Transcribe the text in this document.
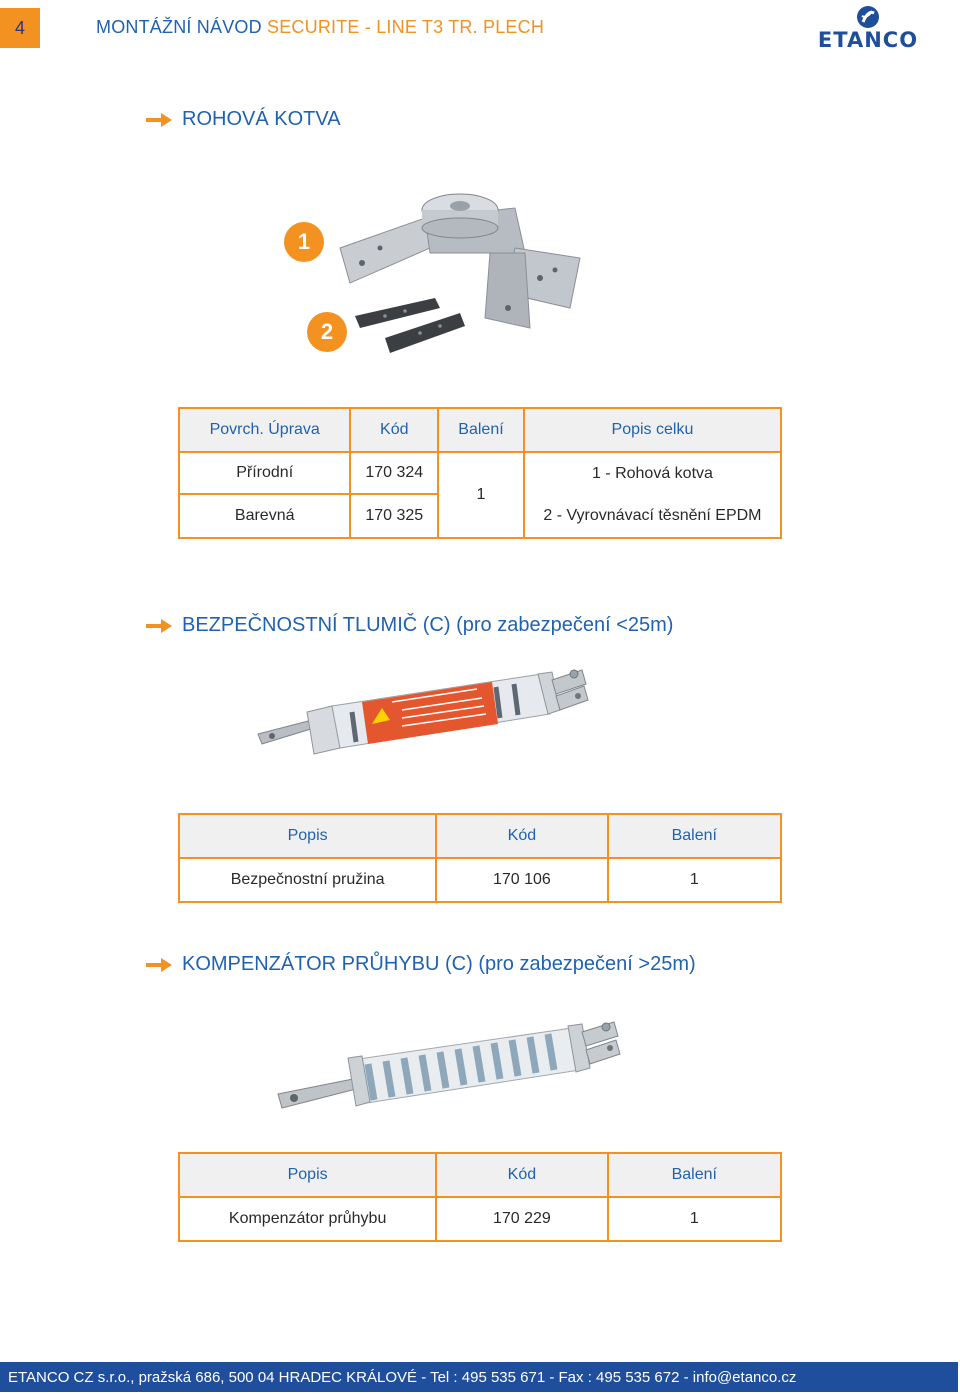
4	MONTÁŽNÍ NÁVOD SECURITE - LINE T3 TR. PLECH
ETANCO
ROHOVÁ KOTVA
1
2
Povrch. Úprava	Kód	Balení	Popis celku
Přírodní	170 324	1	1 - Rohová kotva
Barevná	170 325		2 - Vyrovnávací těsnění EPDM
BEZPEČNOSTNÍ TLUMIČ (C) (pro zabezpečení <25m)
Popis	Kód	Balení
Bezpečnostní pružina	170 106	1
KOMPENZÁTOR PRŮHYBU (C) (pro zabezpečení >25m)
Popis	Kód	Balení
Kompenzátor průhybu	170 229	1
ETANCO CZ s.r.o., pražská 686, 500 04 HRADEC KRÁLOVÉ - Tel : 495 535 671 - Fax : 495 535 672 - info@etanco.cz
